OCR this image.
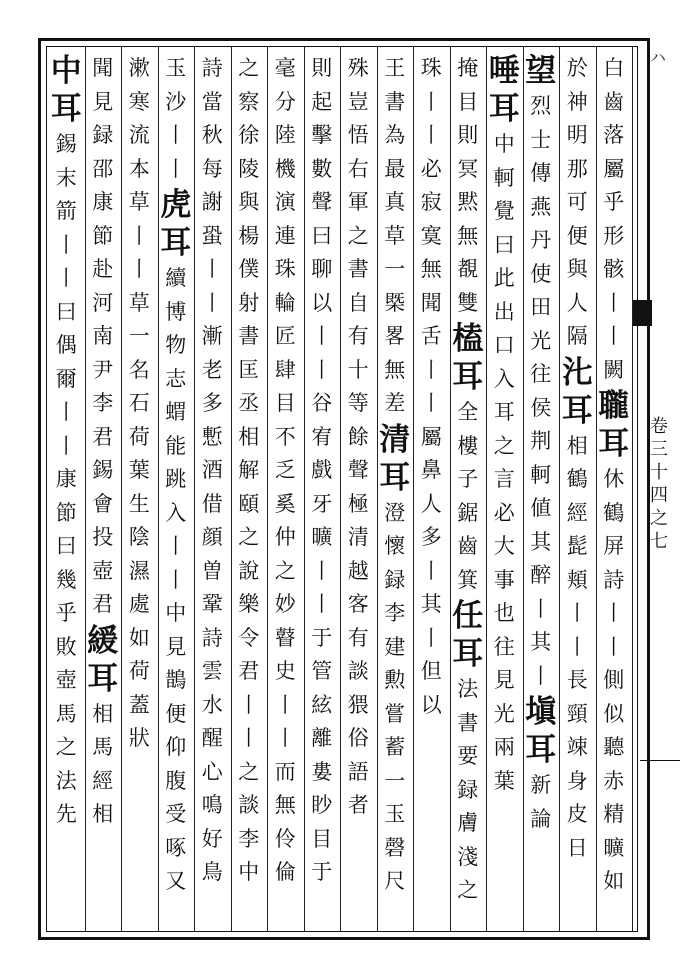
ハ
卷
三
十
四
之
七
白
齒
落
屬
乎
形
骸
丨
丨
闕
䏊
耳
休
鶴
屏
詩
丨
丨
側
似
聽
赤
精
曠
如
於
神
明
那
可
便
與
人
隔
㲺
耳
相
鶴
經
髭
頬
丨
丨
長
頸
竦
身
皮
日
望
烈
士
傳
燕
丹
使
田
光
往
侯
荆
軻
値
其
醉
丨
其
丨
塡
耳
新
論
唾
耳
中
軻
覺
曰
此
出
口
入
耳
之
言
必
大
事
也
往
見
光
兩
葉
掩
目
則
冥
黙
無
覩
雙
榼
耳
全
樓
子
鋸
齒
箕
任
耳
法
書
要
録
膚
淺
之
珠
丨
丨
必
寂
寞
無
聞
舌
丨
丨
屬
鼻
人
多
丨
其
丨
但
以
王
書
為
最
真
草
一
槩
畧
無
差
清
耳
澄
懷
録
李
建
勲
嘗
蓄
一
玉
磬
尺
殊
豈
悟
右
軍
之
書
自
有
十
等
餘
聲
極
清
越
客
有
談
猥
俗
語
者
則
起
擊
數
聲
曰
聊
以
丨
丨
谷
宥
戲
牙
曠
丨
丨
于
管
絃
離
婁
眇
目
于
毫
分
陸
機
演
連
珠
輪
匠
肆
目
不
乏
奚
仲
之
妙
瞽
史
丨
丨
而
無
伶
倫
之
察
徐
陵
與
楊
僕
射
書
匡
丞
相
解
頤
之
說
樂
令
君
丨
丨
之
談
李
中
詩
當
秋
每
謝
蛩
丨
丨
漸
老
多
慙
酒
借
顔
曽
鞏
詩
雲
水
醒
心
鳴
好
鳥
玉
沙
丨
丨
虎
耳
續
博
物
志
蝟
能
跳
入
丨
丨
中
見
鵲
便
仰
腹
受
啄
又
漱
寒
流
本
草
丨
丨
草
一
名
石
荷
葉
生
陰
濕
處
如
荷
蓋
狀
聞
見
録
邵
康
節
赴
河
南
尹
李
君
錫
會
投
壺
君
緩
耳
相
馬
經
相
中
耳
錫
末
箭
丨
丨
曰
偶
爾
丨
丨
康
節
曰
幾
乎
敗
壺
馬
之
法
先
